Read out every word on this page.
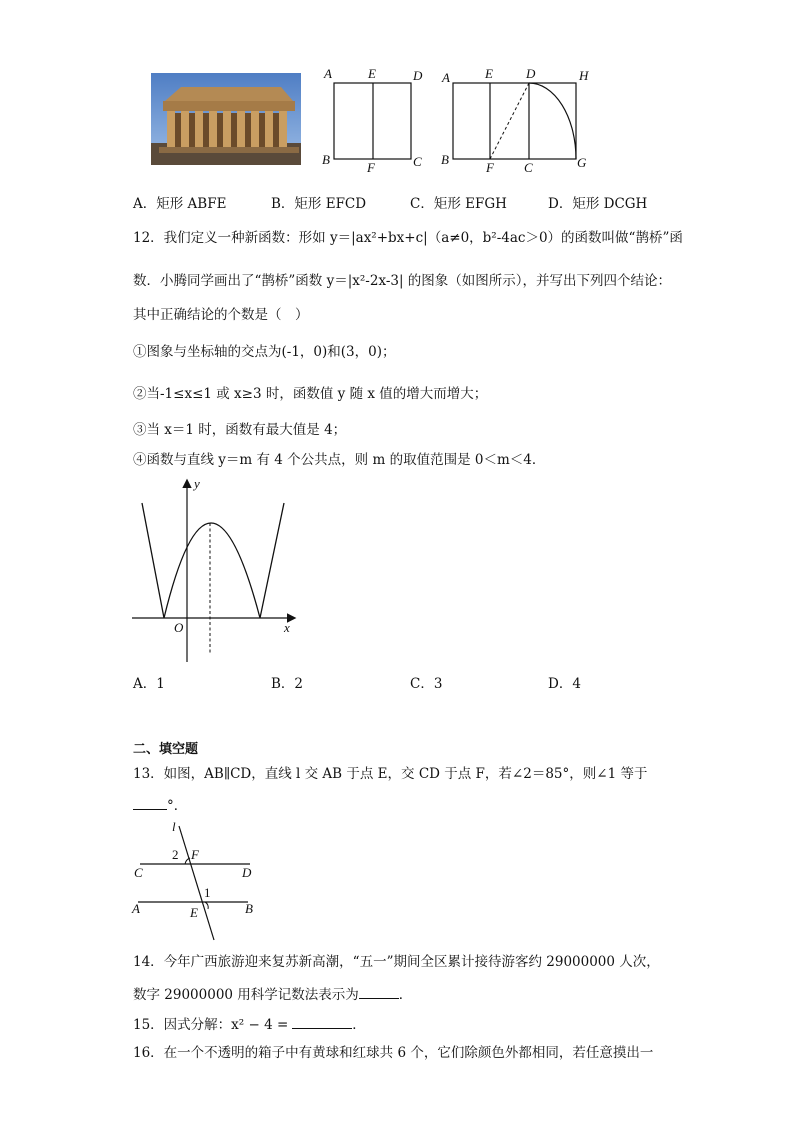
A	E	D
B
F	C
A	E	D	H
B
F C	G
A．矩形 ABFE	B．矩形 EFCD	C．矩形 EFGH	D．矩形 DCGH
12．我们定义一种新函数：形如 y＝|ax²+bx+c|（a≠0，b²-4ac＞0）的函数叫做“鹊桥”函
数．小腾同学画出了“鹊桥”函数 y＝|x²-2x-3| 的图象（如图所示），并写出下列四个结论：
其中正确结论的个数是（　）
①图象与坐标轴的交点为(-1，0)和(3，0)；
②当-1≤x≤1 或 x≥3 时，函数值 y 随 x 值的增大而增大；
③当 x＝1 时，函数有最大值是 4；
④函数与直线 y＝m 有 4 个公共点，则 m 的取值范围是 0＜m＜4．
y
O	x
A．1	B．2	C．3	D．4
二、填空题
13．如图，AB∥CD，直线 l 交 AB 于点 E，交 CD 于点 F，若∠2＝85°，则∠1 等于
°．
l
2 F
C	D
1
A	E	B
14．今年广西旅游迎来复苏新高潮，“五一”期间全区累计接待游客约 29000000 人次，
数字 29000000 用科学记数法表示为	．
15．因式分解：x² − 4 =	．
16．在一个不透明的箱子中有黄球和红球共 6 个，它们除颜色外都相同，若任意摸出一
